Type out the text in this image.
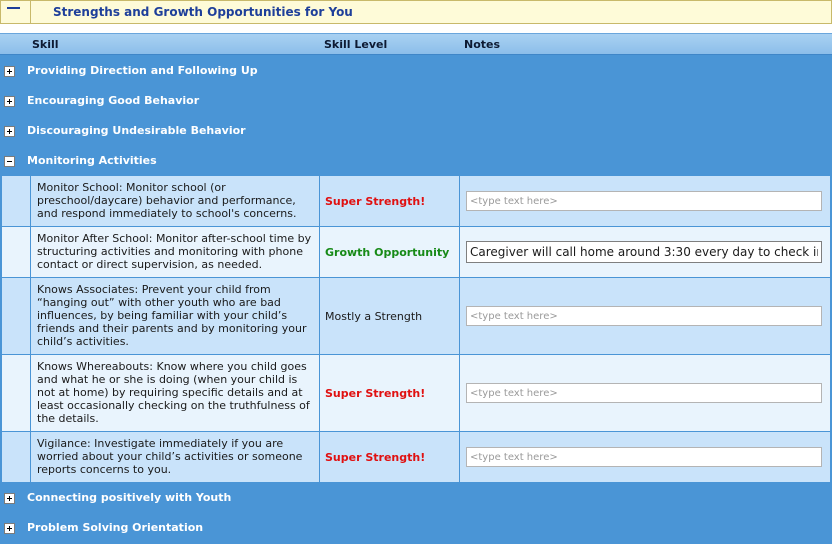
Strengths and Growth Opportunities for You
Skill	Skill Level	Notes
Providing Direction and Following Up
Encouraging Good Behavior
Discouraging Undesirable Behavior
Monitoring Activities
Monitor School: Monitor school (or preschool/daycare) behavior and performance, and respond immediately to school's concerns.
Super Strength!
<type text here>
Monitor After School: Monitor after-school time by structuring activities and monitoring with phone contact or direct supervision, as needed.
Growth Opportunity
Caregiver will call home around 3:30 every day to check in.
Knows Associates: Prevent your child from “hanging out” with other youth who are bad influences, by being familiar with your child’s friends and their parents and by monitoring your child’s activities.
Mostly a Strength
<type text here>
Knows Whereabouts: Know where you child goes and what he or she is doing (when your child is not at home) by requiring specific details and at least occasionally checking on the truthfulness of the details.
Super Strength!
<type text here>
Vigilance: Investigate immediately if you are worried about your child’s activities or someone reports concerns to you.
Super Strength!
<type text here>
Connecting positively with Youth
Problem Solving Orientation
